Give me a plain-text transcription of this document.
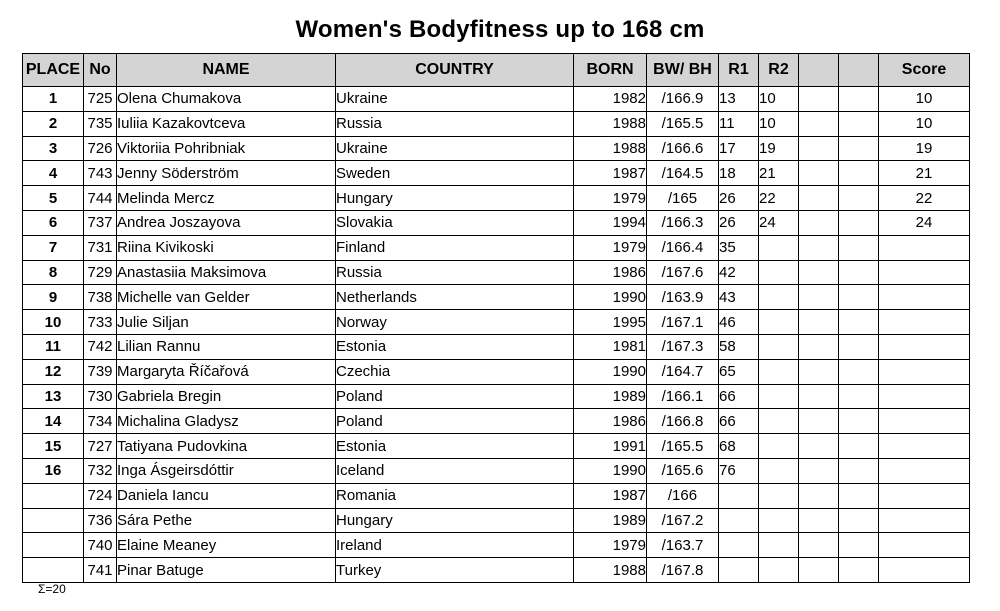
Women's Bodyfitness up to 168 cm
PLACE	No	NAME	COUNTRY	BORN	BW/ BH	R1	R2			Score
1	725	Olena Chumakova	Ukraine	1982	/166.9	13	10			10
2	735	Iuliia Kazakovtceva	Russia	1988	/165.5	11	10			10
3	726	Viktoriia Pohribniak	Ukraine	1988	/166.6	17	19			19
4	743	Jenny Söderström	Sweden	1987	/164.5	18	21			21
5	744	Melinda Mercz	Hungary	1979	/165	26	22			22
6	737	Andrea Joszayova	Slovakia	1994	/166.3	26	24			24
7	731	Riina Kivikoski	Finland	1979	/166.4	35				
8	729	Anastasiia Maksimova	Russia	1986	/167.6	42				
9	738	Michelle van Gelder	Netherlands	1990	/163.9	43				
10	733	Julie Siljan	Norway	1995	/167.1	46				
11	742	Lilian Rannu	Estonia	1981	/167.3	58				
12	739	Margaryta Říčařová	Czechia	1990	/164.7	65				
13	730	Gabriela Bregin	Poland	1989	/166.1	66				
14	734	Michalina Gladysz	Poland	1986	/166.8	66				
15	727	Tatiyana Pudovkina	Estonia	1991	/165.5	68				
16	732	Inga Ásgeirsdóttir	Iceland	1990	/165.6	76				
	724	Daniela Iancu	Romania	1987	/166					
	736	Sára Pethe	Hungary	1989	/167.2					
	740	Elaine Meaney	Ireland	1979	/163.7					
	741	Pinar Batuge	Turkey	1988	/167.8					
Σ=20
